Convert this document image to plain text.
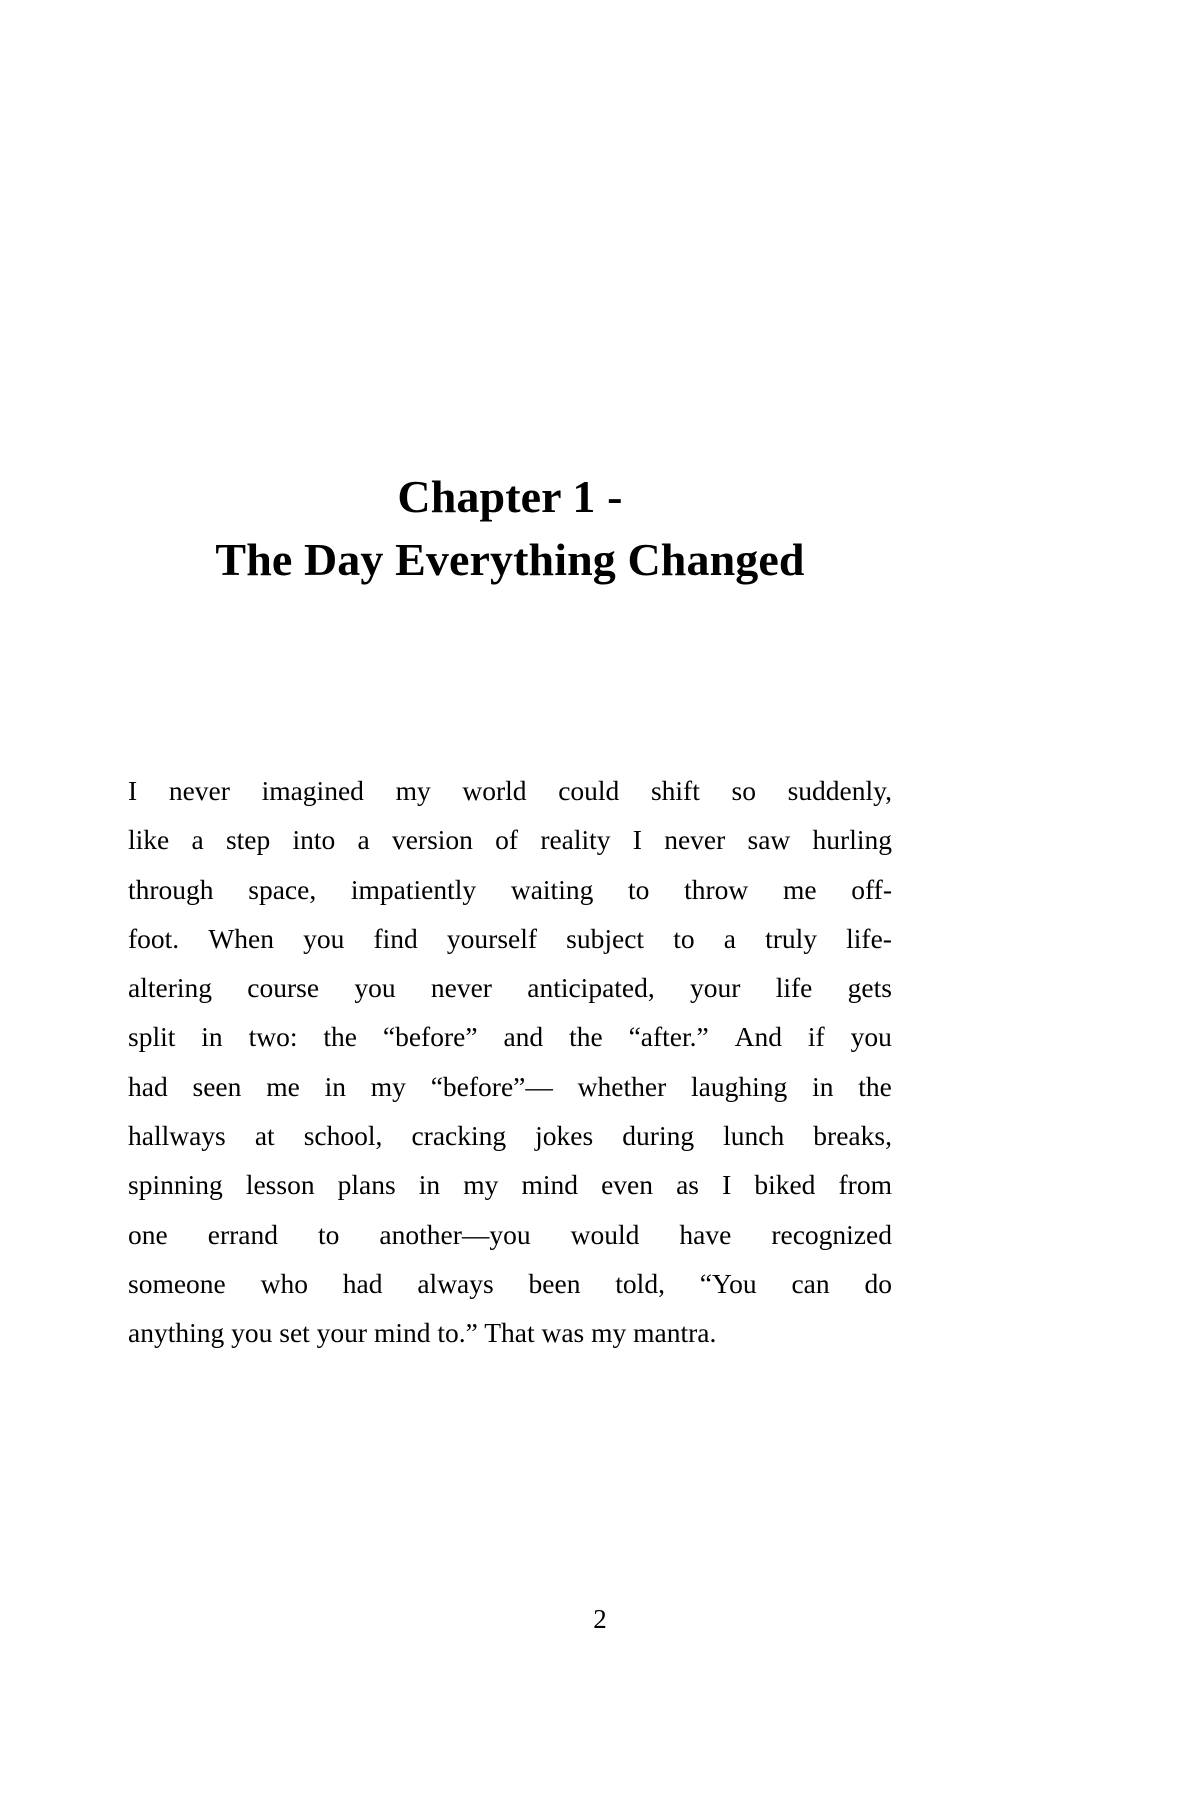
Chapter 1 -
The Day Everything Changed

I never imagined my world could shift so suddenly,
like a step into a version of reality I never saw hurling
through space, impatiently waiting to throw me off-
foot. When you find yourself subject to a truly life-
altering course you never anticipated, your life gets
split in two: the “before” and the “after.” And if you
had seen me in my “before”— whether laughing in the
hallways at school, cracking jokes during lunch breaks,
spinning lesson plans in my mind even as I biked from
one errand to another—you would have recognized
someone who had always been told, “You can do
anything you set your mind to.” That was my mantra.

2
